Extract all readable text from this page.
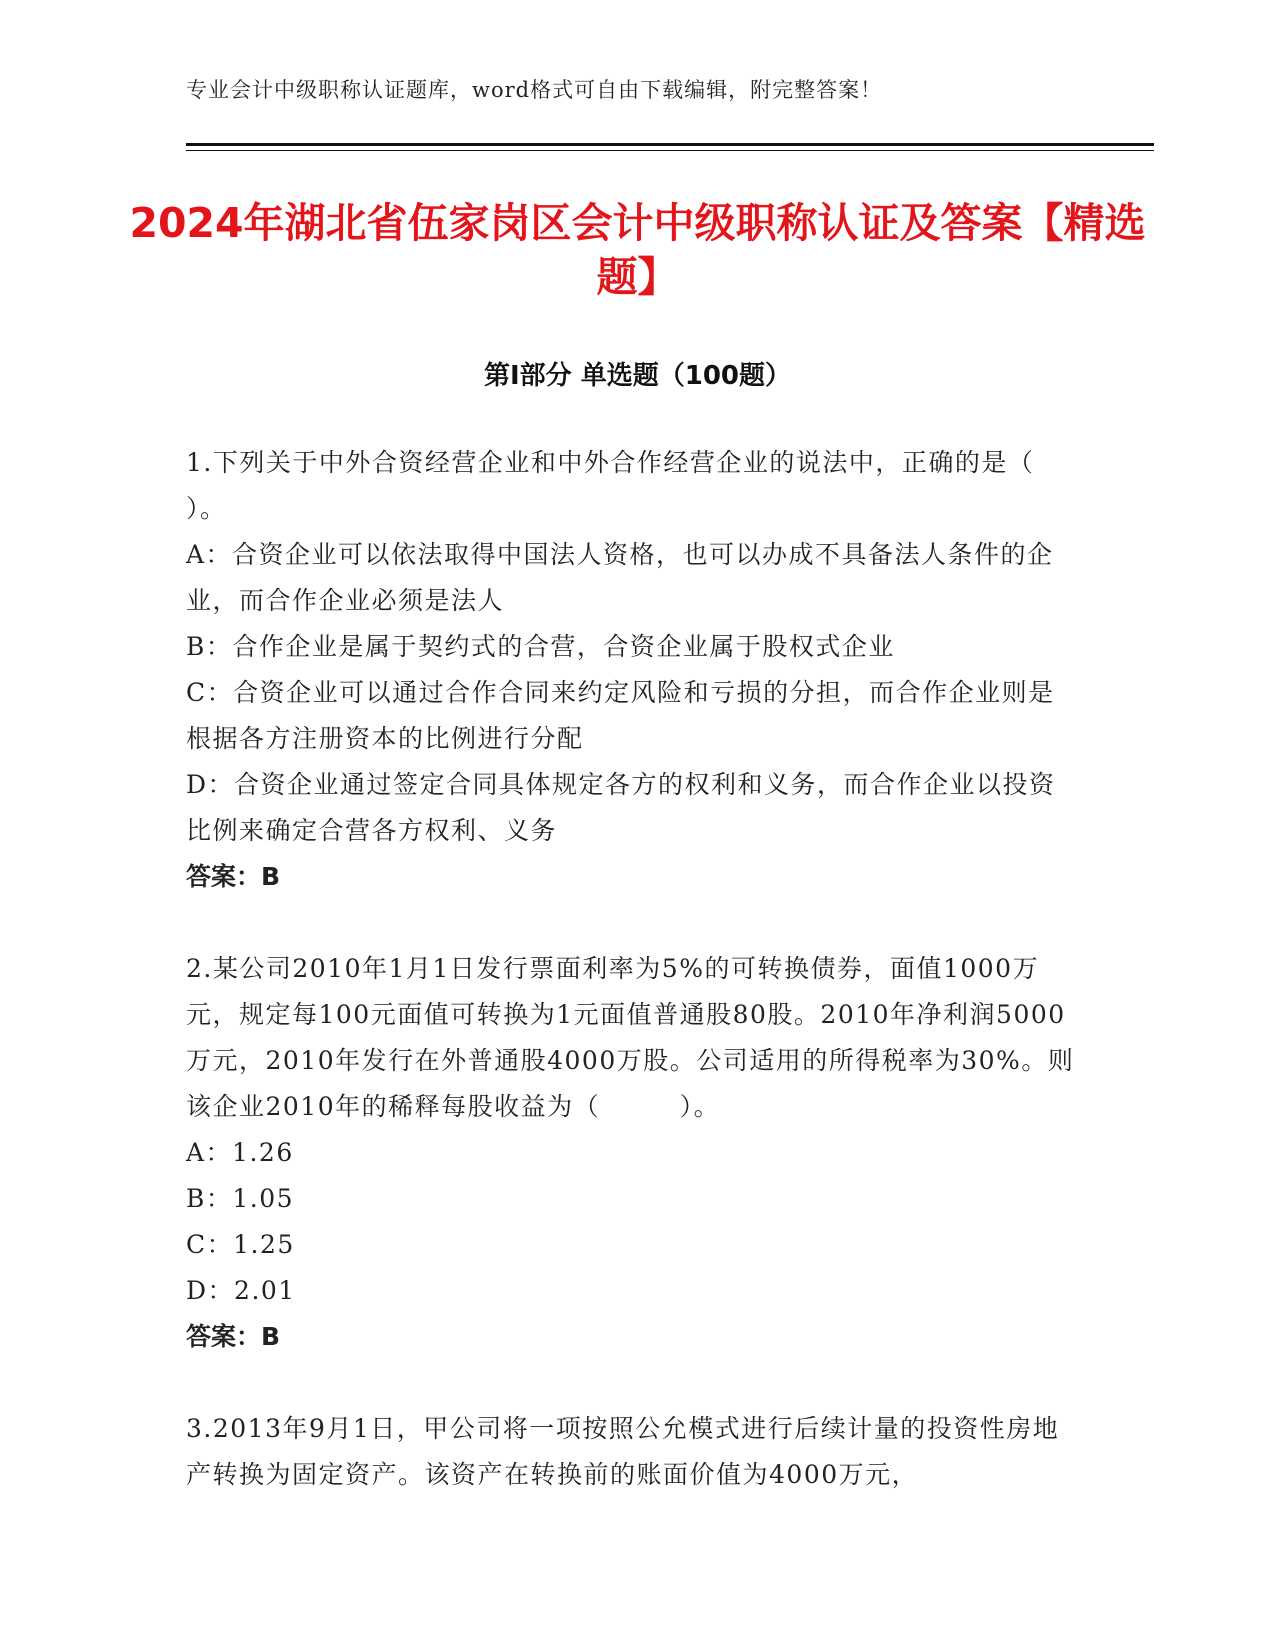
专业会计中级职称认证题库，word格式可自由下载编辑，附完整答案！
2024年湖北省伍家岗区会计中级职称认证及答案【精选题】
第Ⅰ部分 单选题（100题）

1.下列关于中外合资经营企业和中外合作经营企业的说法中，正确的是（ ）。

A：合资企业可以依法取得中国法人资格，也可以办成不具备法人条件的企业，而合作企业必须是法人

B：合作企业是属于契约式的合营，合资企业属于股权式企业

C：合资企业可以通过合作合同来约定风险和亏损的分担，而合作企业则是根据各方注册资本的比例进行分配

D：合资企业通过签定合同具体规定各方的权利和义务，而合作企业以投资比例来确定合营各方权利、义务

答案：B

2.某公司2010年1月1日发行票面利率为5%的可转换债券，面值1000万元，规定每100元面值可转换为1元面值普通股80股。2010年净利润5000万元，2010年发行在外普通股4000万股。公司适用的所得税率为30%。则该企业2010年的稀释每股收益为（　　　）。

A：1.26

B：1.05

C：1.25

D：2.01

答案：B

3.2013年9月1日，甲公司将一项按照公允模式进行后续计量的投资性房地产转换为固定资产。该资产在转换前的账面价值为4000万元，
